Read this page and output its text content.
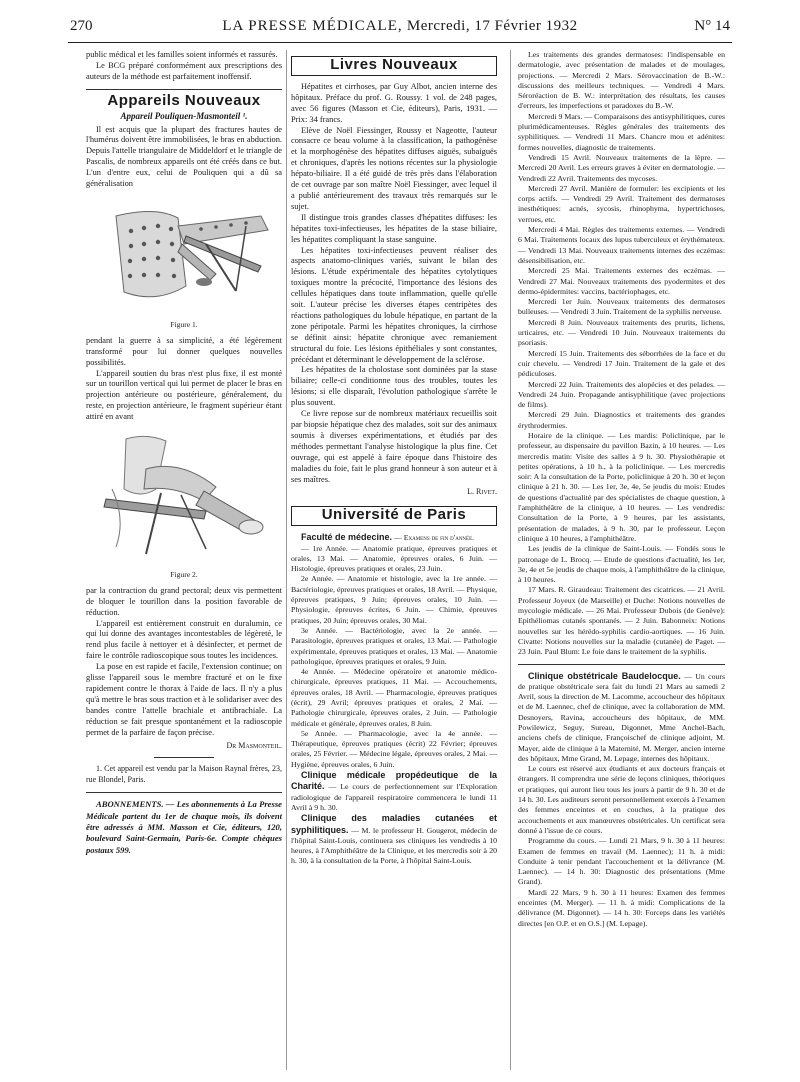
270	LA PRESSE MÉDICALE, Mercredi, 17 Février 1932	N° 14

public médical et les familles soient informés et rassurés.

Le BCG préparé conformément aux prescriptions des auteurs de la méthode est parfaitement inoffensif.

Appareils Nouveaux
Appareil Pouliquen-Masmonteil ¹.

Il est acquis que la plupart des fractures hautes de l'humérus doivent être immobilisées, le bras en abduction. Depuis l'attelle triangulaire de Middeldorf et le triangle de Pascalis, de nombreux appareils ont été créés dans ce but. L'un d'entre eux, celui de Pouliquen qui a dû sa généralisation

Figure 1.

pendant la guerre à sa simplicité, a été légèrement transformé pour lui donner quelques nouvelles possibilités.

L'appareil soutien du bras n'est plus fixe, il est monté sur un tourillon vertical qui lui permet de placer le bras en projection antérieure ou postérieure, généralement, du reste, en projection antérieure, le fragment supérieur étant attiré en avant

Figure 2.

par la contraction du grand pectoral; deux vis permettent de bloquer le tourillon dans la position favorable de réduction.

L'appareil est entièrement construit en duralumin, ce qui lui donne des avantages incontestables de légèreté, le rend plus facile à nettoyer et à désinfecter, et permet de faire le contrôle radioscopique sous toutes les incidences.

La pose en est rapide et facile, l'extension continue; on glisse l'appareil sous le membre fracturé et on le fixe rapidement contre le thorax à l'aide de lacs. Il n'y a plus qu'à mettre le bras sous traction et à le solidariser avec des bandes contre l'attelle brachiale et antibrachiale. La réduction se fait presque spontanément et la radioscopie permet de la parfaire de façon précise.

Dr Masmonteil.

1. Cet appareil est vendu par la Maison Raynal frères, 23, rue Blondel, Paris.

ABONNEMENTS. — Les abonnements à La Presse Médicale partent du 1er de chaque mois, ils doivent être adressés à MM. Masson et Cie, éditeurs, 120, boulevard Saint-Germain, Paris-6e. Compte chèques postaux 599.

Livres Nouveaux

Hépatites et cirrhoses, par Guy Albot, ancien interne des hôpitaux. Préface du prof. G. Roussy. 1 vol. de 248 pages, avec 56 figures (Masson et Cie, éditeurs), Paris, 1931. — Prix: 34 francs.

Elève de Noël Fiessinger, Roussy et Nageotte, l'auteur consacre ce beau volume à la classification, la pathogénèse et la morphogénèse des hépatites diffuses aiguës, subaiguës et chroniques, d'après les notions récentes sur la physiologie hépato-biliaire. Il a été guidé de très près dans l'élaboration de cet ouvrage par son maître Noël Fiessinger, avec lequel il a publié antérieurement des travaux très remarqués sur le sujet.

Il distingue trois grandes classes d'hépatites diffuses: les hépatites toxi-infectieuses, les hépatites de la stase biliaire, les hépatites compliquant la stase sanguine.

Les hépatites toxi-infectieuses peuvent réaliser des aspects anatomo-cliniques variés, suivant le bilan des lésions. L'étude expérimentale des hépatites cytolytiques toxiques montre la précocité, l'importance des lésions des cellules hépatiques dans toute inflammation, quelle qu'elle soit. L'auteur précise les diverses étapes centripètes des réactions pathologiques du lobule hépatique, en partant de la zone péripotale. Parmi les hépatites chroniques, la cirrhose se définit ainsi: hépatite chronique avec remaniement structural du foie. Les lésions épithéliales y sont constantes, précédant et déterminant le développement de la sclérose.

Les hépatites de la cholostase sont dominées par la stase biliaire; celle-ci conditionne tous des troubles, toutes les lésions; si elle disparaît, l'évolution pathologique s'arrête le plus souvent.

Ce livre repose sur de nombreux matériaux recueillis soit par biopsie hépatique chez des malades, soit sur des animaux soumis à diverses expérimentations, et étudiés par des méthodes permettant l'analyse histologique la plus fine. Cet ouvrage, qui est appelé à faire époque dans l'histoire des maladies du foie, fait le plus grand honneur à son auteur et à ses maîtres.

L. Rivet.
Université de Paris

Faculté de médecine. — Examens de fin d'année.

— 1re Année. — Anatomie pratique, épreuves pratiques et orales, 13 Mai. — Anatomie, épreuves orales, 6 Juin. — Histologie, épreuves pratiques et orales, 23 Juin.

2e Année. — Anatomie et histologie, avec la 1re année. — Bactériologie, épreuves pratiques et orales, 18 Avril. — Physique, épreuves pratiques, 9 Juin; épreuves orales, 10 Juin. — Physiologie, épreuves écrites, 6 Juin. — Chimie, épreuves pratiques, 20 Juin; épreuves orales, 30 Mai.

3e Année. — Bactériologie, avec la 2e année. — Parasitologie, épreuves pratiques et orales, 13 Mai. — Pathologie expérimentale, épreuves pratiques et orales, 13 Mai. — Anatomie pathologique, épreuves pratiques et orales, 9 Juin.

4e Année. — Médecine opératoire et anatomie médico-chirurgicale, épreuves pratiques, 11 Mai. — Accouchements, épreuves orales, 18 Avril. — Pharmacologie, épreuves pratiques (écrit), 29 Avril; épreuves pratiques et orales, 2 Mai. — Pathologie chirurgicale, épreuves orales, 2 Juin. — Pathologie médicale et générale, épreuves orales, 8 Juin.

5e Année. — Pharmacologie, avec la 4e année. — Thérapeutique, épreuves pratiques (écrit) 22 Février; épreuves orales, 25 Février. — Médecine légale, épreuves orales, 2 Mai. — Hygiène, épreuves orales, 6 Juin.

Clinique médicale propédeutique de la Charité. — Le cours de perfectionnement sur l'Exploration radiologique de l'appareil respiratoire commencera le lundi 11 Avril à 9 h. 30.

Clinique des maladies cutanées et syphilitiques. — M. le professeur H. Gougerot, médecin de l'hôpital Saint-Louis, continuera ses cliniques les vendredis à 10 heures, à l'Amphithéâtre de la Clinique, et les mercredis soir à 20 h. 30, à la consultation de la Porte, à l'hôpital Saint-Louis.

Les traitements des grandes dermatoses: l'indispensable en dermatologie, avec présentation de malades et de moulages, projections. — Mercredi 2 Mars. Sérovaccination de B.-W.: discussions des meilleurs techniques. — Vendredi 4 Mars. Séroréaction de B. W.: interprétation des résultats, les causes d'erreurs, les imperfections et paradoxes du B.-W.

Mercredi 9 Mars. — Comparaisons des antisyphilitiques, cures plurimédicamenteuses. Règles générales des traitements des syphilitiques. — Vendredi 11 Mars. Chancre mou et adénites: formes nouvelles, diagnostic de traitements.

Vendredi 15 Avril. Nouveaux traitements de la lèpre. — Mercredi 20 Avril. Les erreurs graves à éviter en dermatologie. — Vendredi 22 Avril. Traitements des mycoses.

Mercredi 27 Avril. Manière de formuler: les excipients et les corps actifs. — Vendredi 29 Avril. Traitement des dermatoses inesthétiques: acnés, sycosis, rhinophyma, hypertrichoses, verrues, etc.

Mercredi 4 Mai. Règles des traitements externes. — Vendredi 6 Mai. Traitements locaux des lupus tuberculeux et érythémateux. — Vendredi 13 Mai. Nouveaux traitements internes des eczémas: désensibilisation, etc.

Mercredi 25 Mai. Traitements externes des eczémas. — Vendredi 27 Mai. Nouveaux traitements des pyodermites et des dermo-épidermites: vaccins, bactériophages, etc.

Mercredi 1er Juin. Nouveaux traitements des dermatoses bulleuses. — Vendredi 3 Juin. Traitement de la syphilis nerveuse.

Mercredi 8 Juin. Nouveaux traitements des prurits, lichens, urticaires, etc. — Vendredi 10 Juin. Nouveaux traitements du psoriasis.

Mercredi 15 Juin. Traitements des séborrhées de la face et du cuir chevelu. — Vendredi 17 Juin. Traitement de la gale et des pédiculoses.

Mercredi 22 Juin. Traitements des alopécies et des pelades. — Vendredi 24 Juin. Propagande antisyphilitique (avec projections de films).

Mercredi 29 Juin. Diagnostics et traitements des grandes érythrodermies.

Horaire de la clinique. — Les mardis: Policlinique, par le professeur, au dispensaire du pavillon Bazin, à 10 heures. — Les mercredis matin: Visite des salles à 9 h. 30. Physiothérapie et petites opérations, à 10 h., à la policlinique. — Les mercredis soir: A la consultation de la Porte, policlinique à 20 h. 30 et leçon clinique à 21 h. 30. — Les 1er, 3e, 4e, 5e jeudis du mois: Etudes de questions d'actualité par des spécialistes de chaque question, à l'amphithéâtre de la clinique, à 10 heures. — Les vendredis: Consultation de la Porte, à 9 heures, par les assistants, présentation de malades, à 9 h. 30, par le professeur. Leçon clinique à 10 heures, à l'amphithéâtre.

Les jeudis de la clinique de Saint-Louis. — Fondés sous le patronage de L. Brocq. — Etude de questions d'actualité, les 1er, 3e, 4e et 5e jeudis de chaque mois, à l'amphithéâtre de la clinique, à 10 heures.

17 Mars. R. Giraudeau: Traitement des cicatrices. — 21 Avril. Professeur Joyeux (de Marseille) et Duche: Notions nouvelles de mycologie médicale. — 26 Mai. Professeur Dubois (de Genève): Epithéliomas cutanés spontanés. — 2 Juin. Babonneix: Notions nouvelles sur les hérédo-syphilis cardio-aortiques. — 16 Juin. Civatte: Notions nouvelles sur la maladie (cutanée) de Paget. — 23 Juin. Paul Blum: Le foie dans le traitement de la syphilis.

Clinique obstétricale Baudelocque. — Un cours de pratique obstétricale sera fait du lundi 21 Mars au samedi 2 Avril, sous la direction de M. Lacomme, accoucheur des hôpitaux et de M. Laennec, chef de clinique, avec la collaboration de MM. Desnoyers, Ravina, accoucheurs des hôpitaux, de MM. Powilewicz, Seguy, Sureau, Digonnet, Mme Anchel-Bach, anciens chefs de clinique, Françoischef de clinique adjoint, M. Mayer, aide de clinique à la Maternité, M. Merger, ancien interne des hôpitaux, Mme Grand, M. Lepage, internes des hôpitaux.

Le cours est réservé aux étudiants et aux docteurs français et étrangers. Il comprendra une série de leçons cliniques, théoriques et pratiques, qui auront lieu tous les jours à partir de 9 h. 30 et de 14 h. 30. Les auditeurs seront personnellement exercés à l'examen des femmes enceintes et en couches, à la pratique des accouchements et aux manœuvres obstétricales. Un certificat sera donné à l'issue de ce cours.

Programme du cours. — Lundi 21 Mars, 9 h. 30 à 11 heures: Examen de femmes en travail (M. Laennec); 11 h. à midi: Conduite à tenir pendant l'accouchement et la délivrance (M. Laennec). — 14 h. 30: Diagnostic des présentations (Mme Grand).

Mardi 22 Mars, 9 h. 30 à 11 heures: Examen des femmes enceintes (M. Merger). — 11 h. à midi: Complications de la délivrance (M. Digonnet). — 14 h. 30: Forceps dans les variétés directes [en O.P. et en O.S.] (M. Lepage).
